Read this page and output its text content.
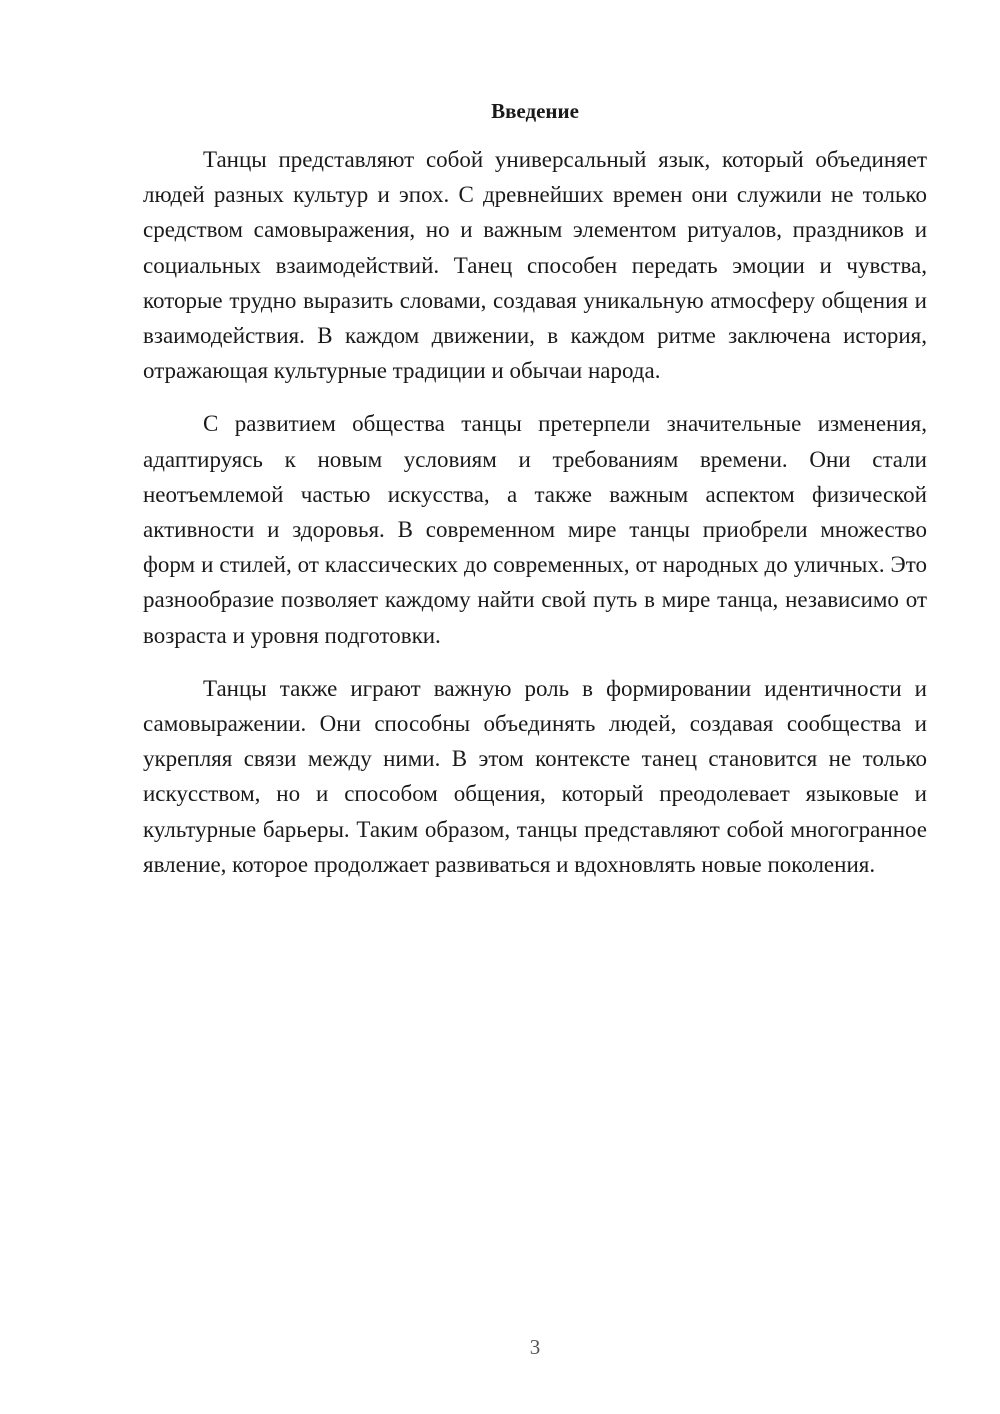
Введение

Танцы представляют собой универсальный язык, который объединяет людей разных культур и эпох. С древнейших времен они служили не только средством самовыражения, но и важным элементом ритуалов, праздников и социальных взаимодействий. Танец способен передать эмоции и чувства, которые трудно выразить словами, создавая уникальную атмосферу общения и взаимодействия. В каждом движении, в каждом ритме заключена история, отражающая культурные традиции и обычаи народа.

С развитием общества танцы претерпели значительные изменения, адаптируясь к новым условиям и требованиям времени. Они стали неотъемлемой частью искусства, а также важным аспектом физической активности и здоровья. В современном мире танцы приобрели множество форм и стилей, от классических до современных, от народных до уличных. Это разнообразие позволяет каждому найти свой путь в мире танца, независимо от возраста и уровня подготовки.

Танцы также играют важную роль в формировании идентичности и самовыражении. Они способны объединять людей, создавая сообщества и укрепляя связи между ними. В этом контексте танец становится не только искусством, но и способом общения, который преодолевает языковые и культурные барьеры. Таким образом, танцы представляют собой многогранное явление, которое продолжает развиваться и вдохновлять новые поколения.

3
